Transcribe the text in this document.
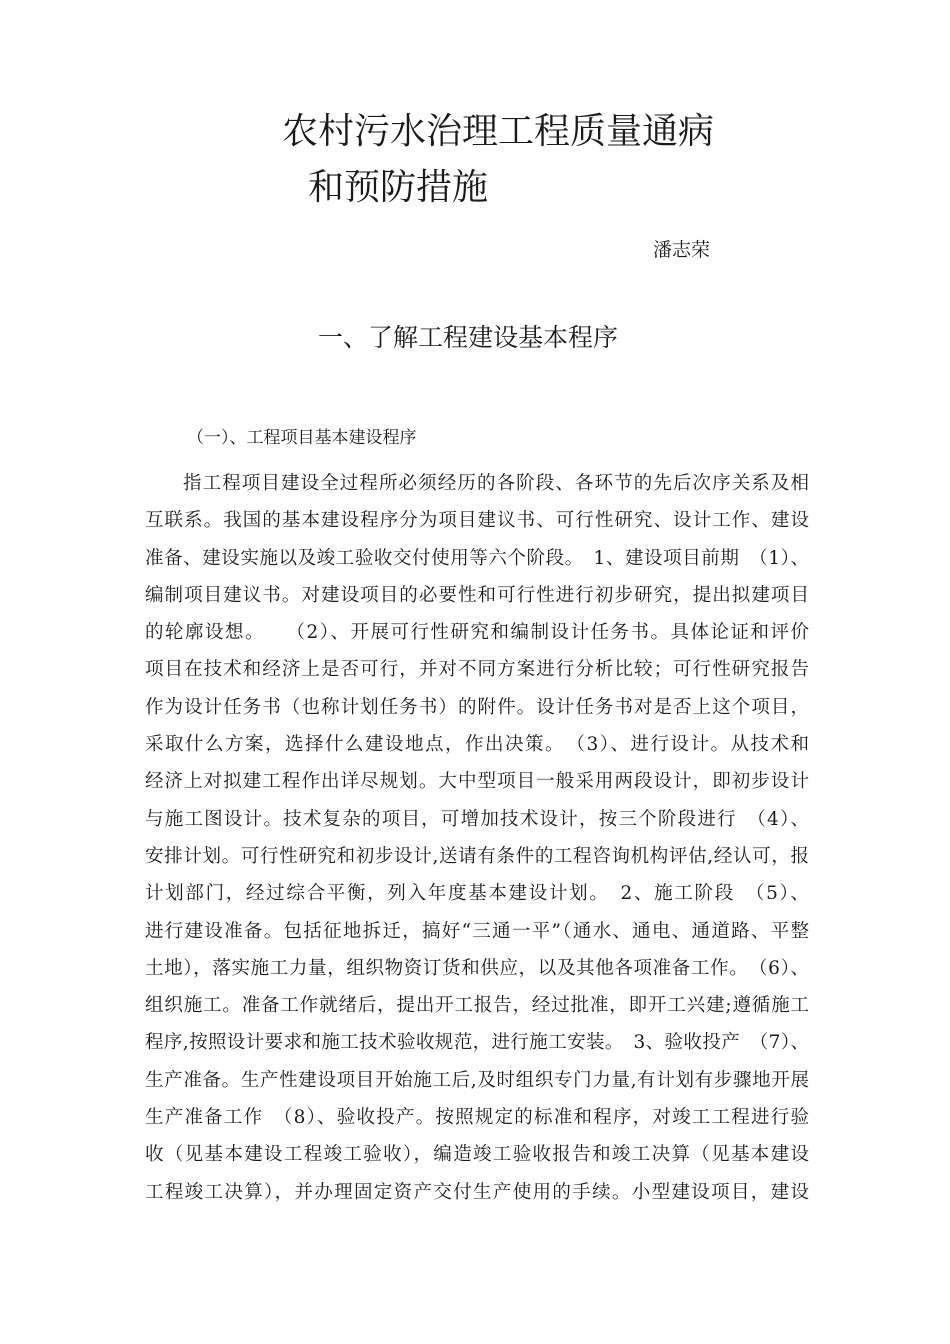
农村污水治理工程质量通病
和预防措施
潘志荣
一、了解工程建设基本程序
（一）、工程项目基本建设程序
指工程项目建设全过程所必须经历的各阶段、各环节的先后次序关系及相
互联系。我国的基本建设程序分为项目建议书、可行性研究、设计工作、建设
准备、建设实施以及竣工验收交付使用等六个阶段。　1、建设项目前期　（1）、
编制项目建议书。对建设项目的必要性和可行性进行初步研究，提出拟建项目
的轮廓设想。　　（2）、开展可行性研究和编制设计任务书。具体论证和评价
项目在技术和经济上是否可行，并对不同方案进行分析比较；可行性研究报告
作为设计任务书（也称计划任务书）的附件。设计任务书对是否上这个项目，
采取什么方案，选择什么建设地点，作出决策。　（3）、进行设计。从技术和
经济上对拟建工程作出详尽规划。大中型项目一般采用两段设计，即初步设计
与施工图设计。技术复杂的项目，可增加技术设计，按三个阶段进行　（4）、
安排计划。可行性研究和初步设计,送请有条件的工程咨询机构评估,经认可，报
计划部门，经过综合平衡，列入年度基本建设计划。　2、施工阶段　（5）、
进行建设准备。包括征地拆迁，搞好“三通一平”（通水、通电、通道路、平整
土地），落实施工力量，组织物资订货和供应，以及其他各项准备工作。　（6）、
组织施工。准备工作就绪后，提出开工报告，经过批准，即开工兴建;遵循施工
程序,按照设计要求和施工技术验收规范，进行施工安装。　3、验收投产　（7）、
生产准备。生产性建设项目开始施工后,及时组织专门力量,有计划有步骤地开展
生产准备工作　（8）、验收投产。按照规定的标准和程序，对竣工工程进行验
收（见基本建设工程竣工验收），编造竣工验收报告和竣工决算（见基本建设
工程竣工决算），并办理固定资产交付生产使用的手续。小型建设项目，建设
